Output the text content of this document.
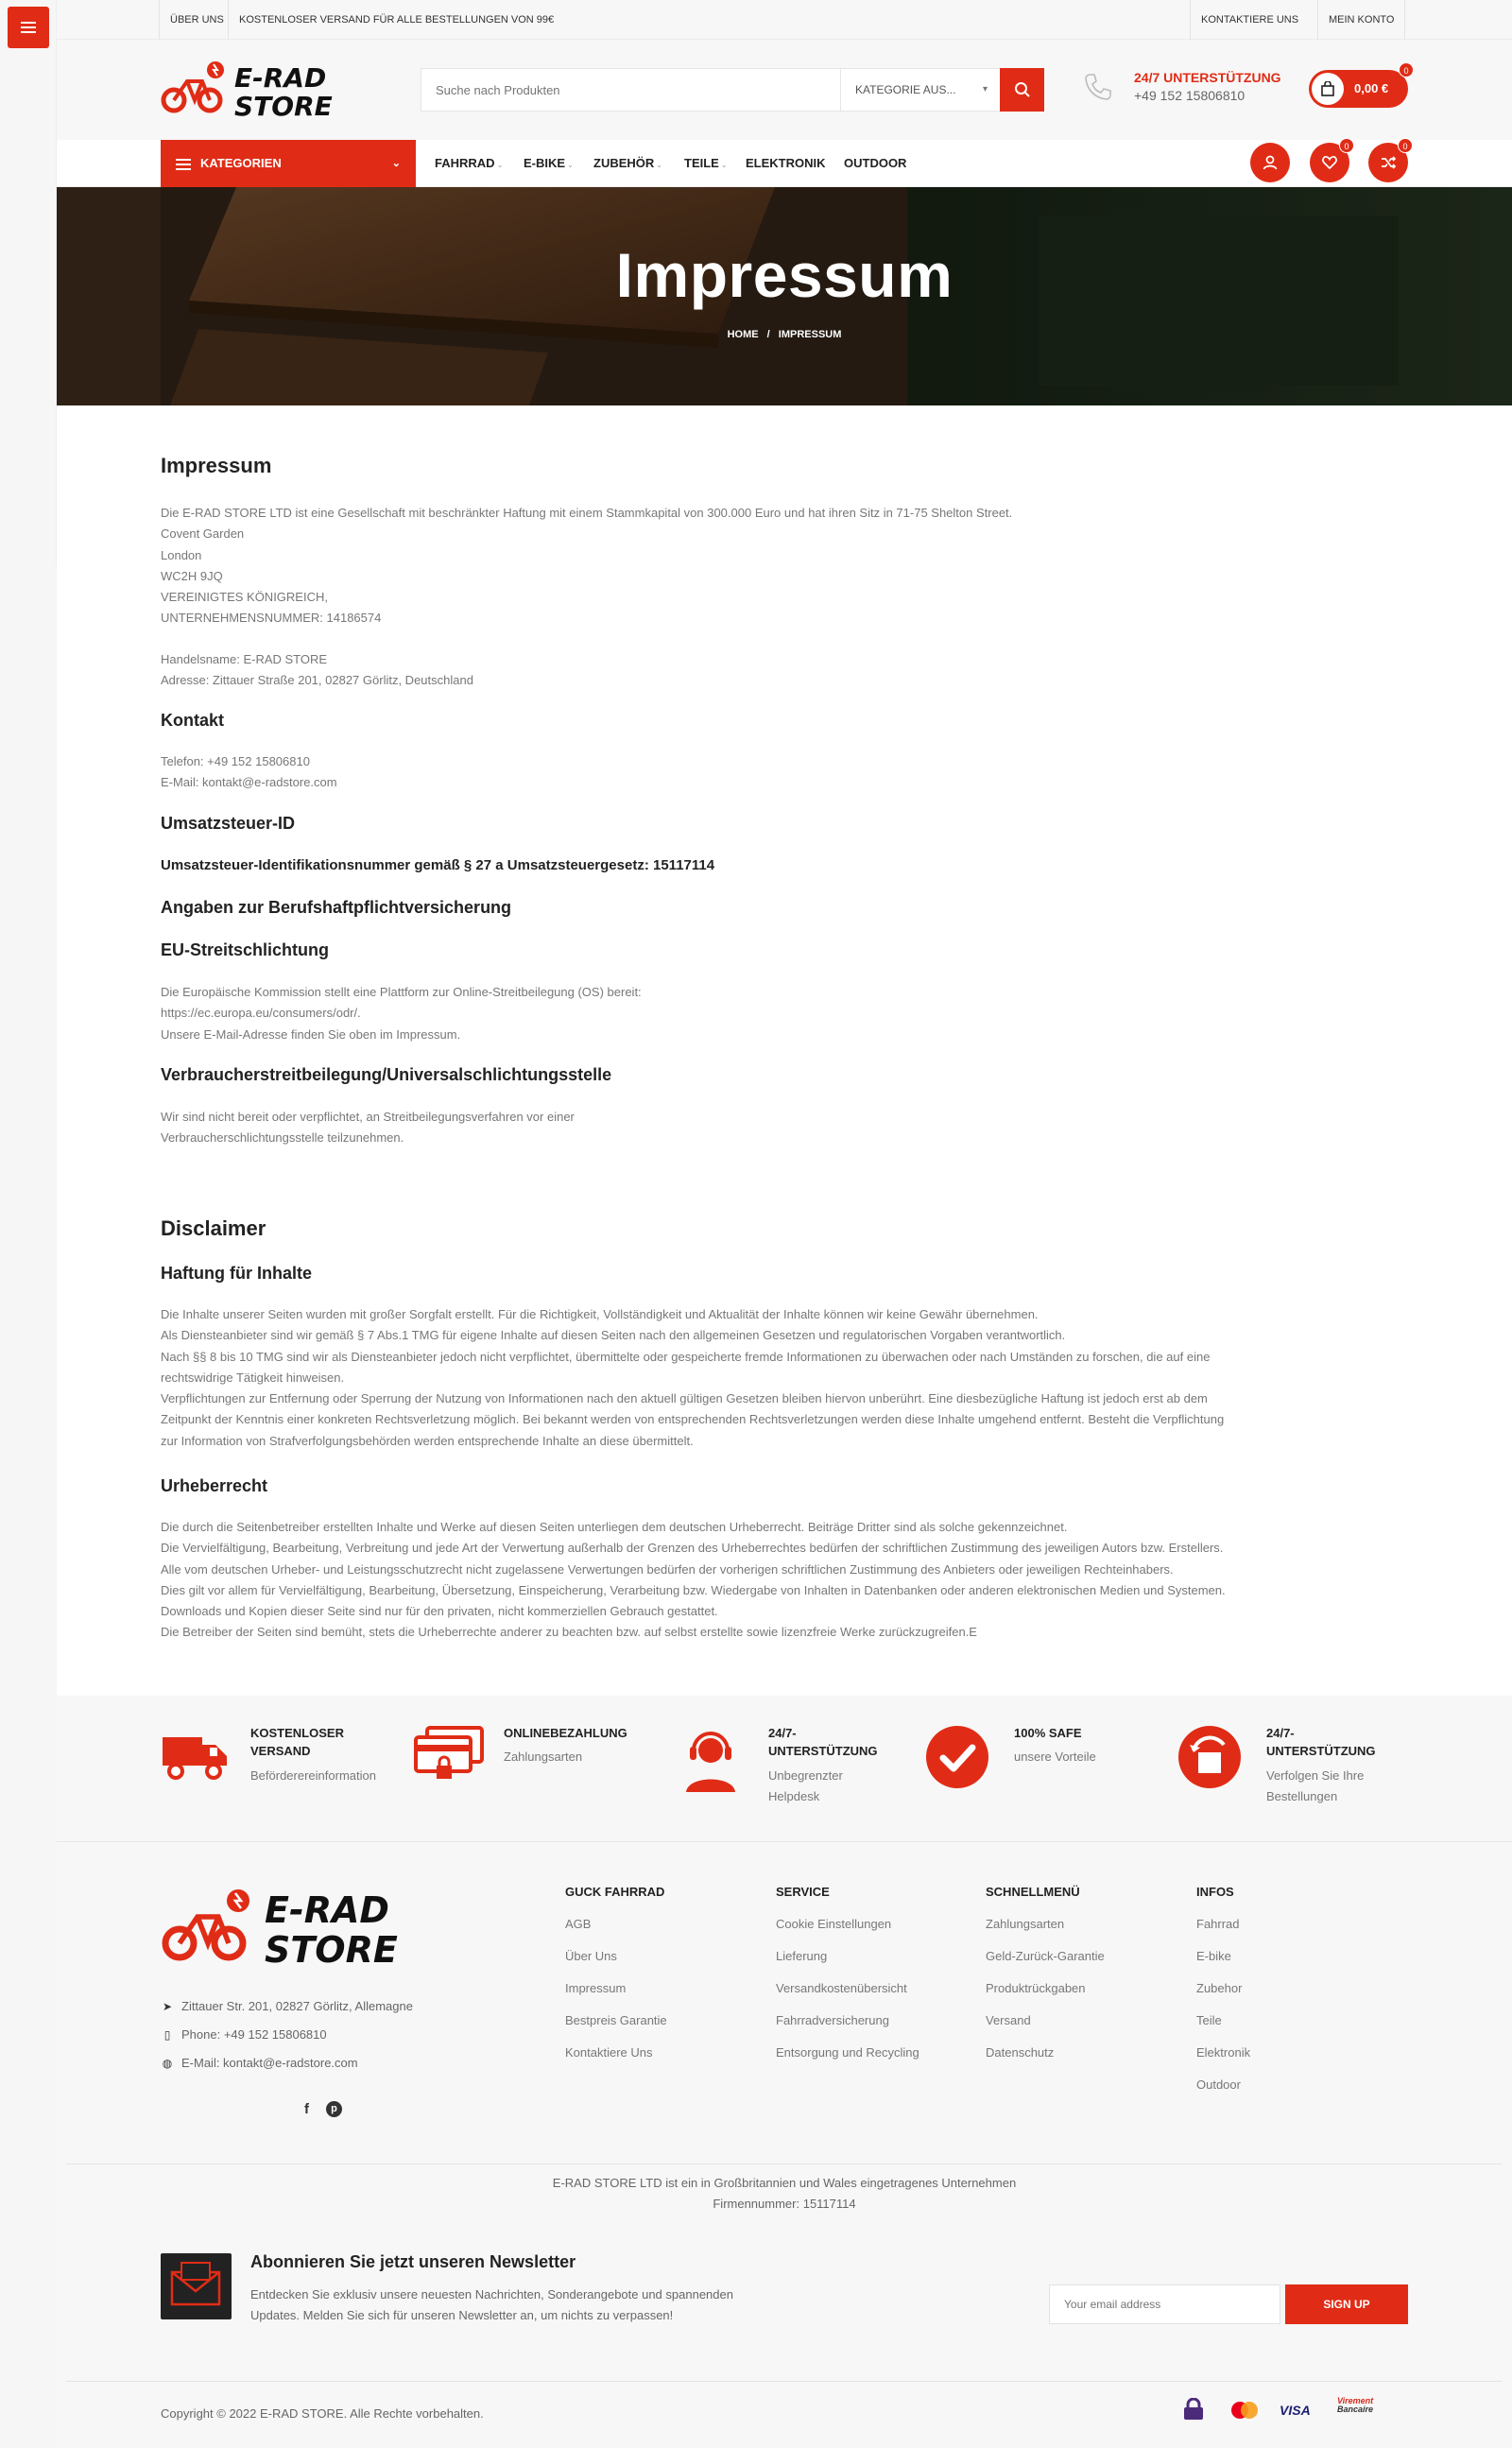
ÜBER UNS	KOSTENLOSER VERSAND FÜR ALLE BESTELLUNGEN VON 99€	KONTAKTIERE UNS	MEIN KONTO
E-RAD
STORE
Suche nach Produkten
KATEGORIE AUS...	▾
24/7 UNTERSTÜTZUNG
+49 152 15806810	0,00 €
0
KATEGORIEN	⌄	FAHRRAD ⌄ E-BIKE ⌄ ZUBEHÖR ⌄ TEILE ⌄ ELEKTRONIK OUTDOOR
0	0
Impressum
HOME / IMPRESSUM
Impressum

Die E-RAD STORE LTD ist eine Gesellschaft mit beschränkter Haftung mit einem Stammkapital von 300.000 Euro und hat ihren Sitz in 71-75 Shelton Street.
Covent Garden
London
WC2H 9JQ
VEREINIGTES KÖNIGREICH,
UNTERNEHMENSNUMMER: 14186574

Handelsname: E-RAD STORE
Adresse: Zittauer Straße 201, 02827 Görlitz, Deutschland

Kontakt

Telefon: +49 152 15806810
E-Mail: kontakt@e-radstore.com

Umsatzsteuer-ID
Umsatzsteuer-Identifikationsnummer gemäß § 27 a Umsatzsteuergesetz: 15117114
Angaben zur Berufshaftpflichtversicherung
EU-Streitschlichtung

Die Europäische Kommission stellt eine Plattform zur Online-Streitbeilegung (OS) bereit:
https://ec.europa.eu/consumers/odr/.
Unsere E-Mail-Adresse finden Sie oben im Impressum.

Verbraucherstreitbeilegung/Universalschlichtungsstelle

Wir sind nicht bereit oder verpflichtet, an Streitbeilegungsverfahren vor einer
Verbraucherschlichtungsstelle teilzunehmen.

Disclaimer
Haftung für Inhalte

Die Inhalte unserer Seiten wurden mit großer Sorgfalt erstellt. Für die Richtigkeit, Vollständigkeit und Aktualität der Inhalte können wir keine Gewähr übernehmen.
Als Diensteanbieter sind wir gemäß § 7 Abs.1 TMG für eigene Inhalte auf diesen Seiten nach den allgemeinen Gesetzen und regulatorischen Vorgaben verantwortlich.
Nach §§ 8 bis 10 TMG sind wir als Diensteanbieter jedoch nicht verpflichtet, übermittelte oder gespeicherte fremde Informationen zu überwachen oder nach Umständen zu forschen, die auf eine
rechtswidrige Tätigkeit hinweisen.
Verpflichtungen zur Entfernung oder Sperrung der Nutzung von Informationen nach den aktuell gültigen Gesetzen bleiben hiervon unberührt. Eine diesbezügliche Haftung ist jedoch erst ab dem
Zeitpunkt der Kenntnis einer konkreten Rechtsverletzung möglich. Bei bekannt werden von entsprechenden Rechtsverletzungen werden diese Inhalte umgehend entfernt. Besteht die Verpflichtung
zur Information von Strafverfolgungsbehörden werden entsprechende Inhalte an diese übermittelt.

Urheberrecht

Die durch die Seitenbetreiber erstellten Inhalte und Werke auf diesen Seiten unterliegen dem deutschen Urheberrecht. Beiträge Dritter sind als solche gekennzeichnet.
Die Vervielfältigung, Bearbeitung, Verbreitung und jede Art der Verwertung außerhalb der Grenzen des Urheberrechtes bedürfen der schriftlichen Zustimmung des jeweiligen Autors bzw. Erstellers.
Alle vom deutschen Urheber- und Leistungsschutzrecht nicht zugelassene Verwertungen bedürfen der vorherigen schriftlichen Zustimmung des Anbieters oder jeweiligen Rechteinhabers.
Dies gilt vor allem für Vervielfältigung, Bearbeitung, Übersetzung, Einspeicherung, Verarbeitung bzw. Wiedergabe von Inhalten in Datenbanken oder anderen elektronischen Medien und Systemen.
Downloads und Kopien dieser Seite sind nur für den privaten, nicht kommerziellen Gebrauch gestattet.
Die Betreiber der Seiten sind bemüht, stets die Urheberrechte anderer zu beachten bzw. auf selbst erstellte sowie lizenzfreie Werke zurückzugreifen.E

KOSTENLOSER
VERSAND
Beförderereinformation
ONLINEBEZAHLUNG
Zahlungsarten
24/7-
UNTERSTÜTZUNG
Unbegrenzter
Helpdesk
100% SAFE
unsere Vorteile
24/7-
UNTERSTÜTZUNG
Verfolgen Sie Ihre
Bestellungen
E-RAD
STORE
➤ Zittauer Str. 201, 02827 Görlitz, Allemagne
▯ Phone: +49 152 15806810
◍ E-Mail: kontakt@e-radstore.com
f	p
GUCK FAHRRAD
AGB
Über Uns
Impressum
Bestpreis Garantie
Kontaktiere Uns
SERVICE
Cookie Einstellungen
Lieferung
Versandkostenübersicht
Fahrradversicherung
Entsorgung und Recycling
SCHNELLMENÜ
Zahlungsarten
Geld-Zurück-Garantie
Produktrückgaben
Versand
Datenschutz
INFOS
Fahrrad
E-bike
Zubehor
Teile
Elektronik
Outdoor
E-RAD STORE LTD ist ein in Großbritannien und Wales eingetragenes Unternehmen
Firmennummer: 15117114
Abonnieren Sie jetzt unseren Newsletter
Entdecken Sie exklusiv unsere neuesten Nachrichten, Sonderangebote und spannenden Updates. Melden Sie sich für unseren Newsletter an, um nichts zu verpassen!
Your email address
SIGN UP
Copyright © 2022 E-RAD STORE. Alle Rechte vorbehalten.	VISA
Virement
Bancaire
